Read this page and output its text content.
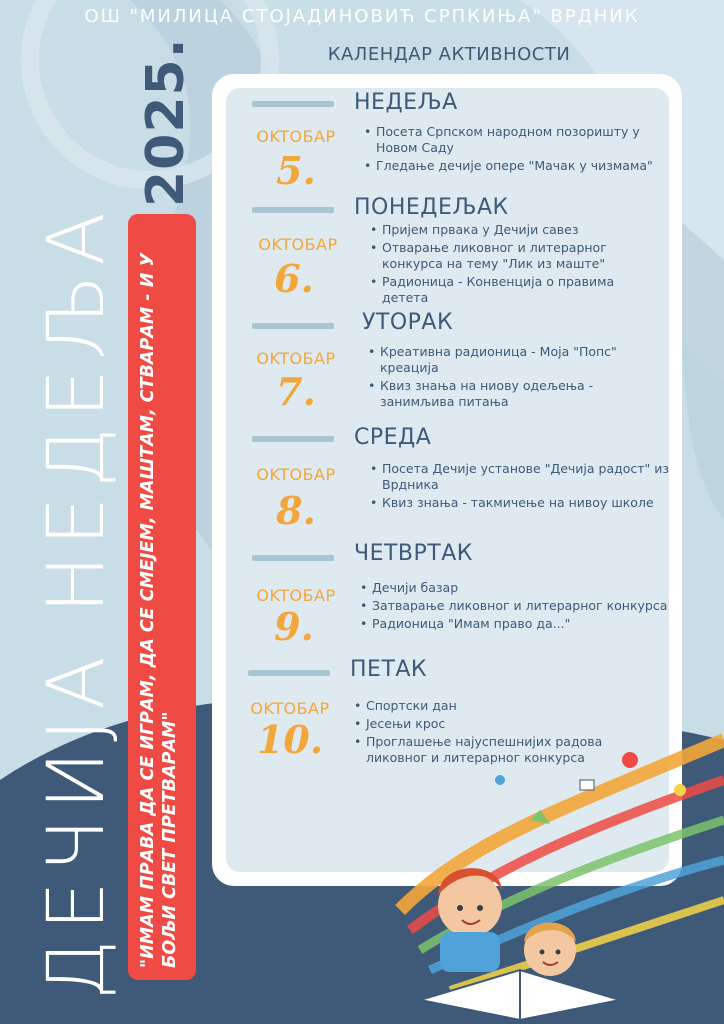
ОШ "МИЛИЦА СТОЈАДИНОВИЋ СРПКИЊА" ВРДНИК
2025.
ДЕЧИЈА НЕДЕЉА "ИМАМ ПРАВА ДА СЕ ИГРАМ, ДА СЕ СМЕЈЕМ, МАШТАМ, СТВАРАМ - И У БОЉИ СВЕТ ПРЕТВАРАМ"
КАЛЕНДАР АКТИВНОСТИ
НЕДЕЉА
OKTOБАР
5.
• Посета Српском народном позоришту у Новом Саду
• Гледање дечије опере "Мачак у чизмама"
ПОНЕДЕЉАК
OKTOБАР
6.
• Пријем првака у Дечији савез
• Отварање ликовног и литерарног конкурса на тему "Лик из маште"
• Радионица - Конвенција о правима детета
УТОРАК
OKTOБАР
7.
• Креативна радионица - Моја "Попс" креација
• Квиз знања на ниову одељења - занимљива питања
СРЕДА
OKTOБАР
8.
• Посета Дечије установе "Дечија радост" из Врдника
• Квиз знања - такмичење на нивоу школе
ЧЕТВРТАК
OKTOБАР
9.
• Дечији базар
• Затварање ликовног и литерарног конкурса
• Радионица "Имам право да..."
ПЕТАК
OKTOБАР
10.
• Спортски дан
• Јесењи крос
• Проглашење најуспешнијих радова ликовног и литерарног конкурса
